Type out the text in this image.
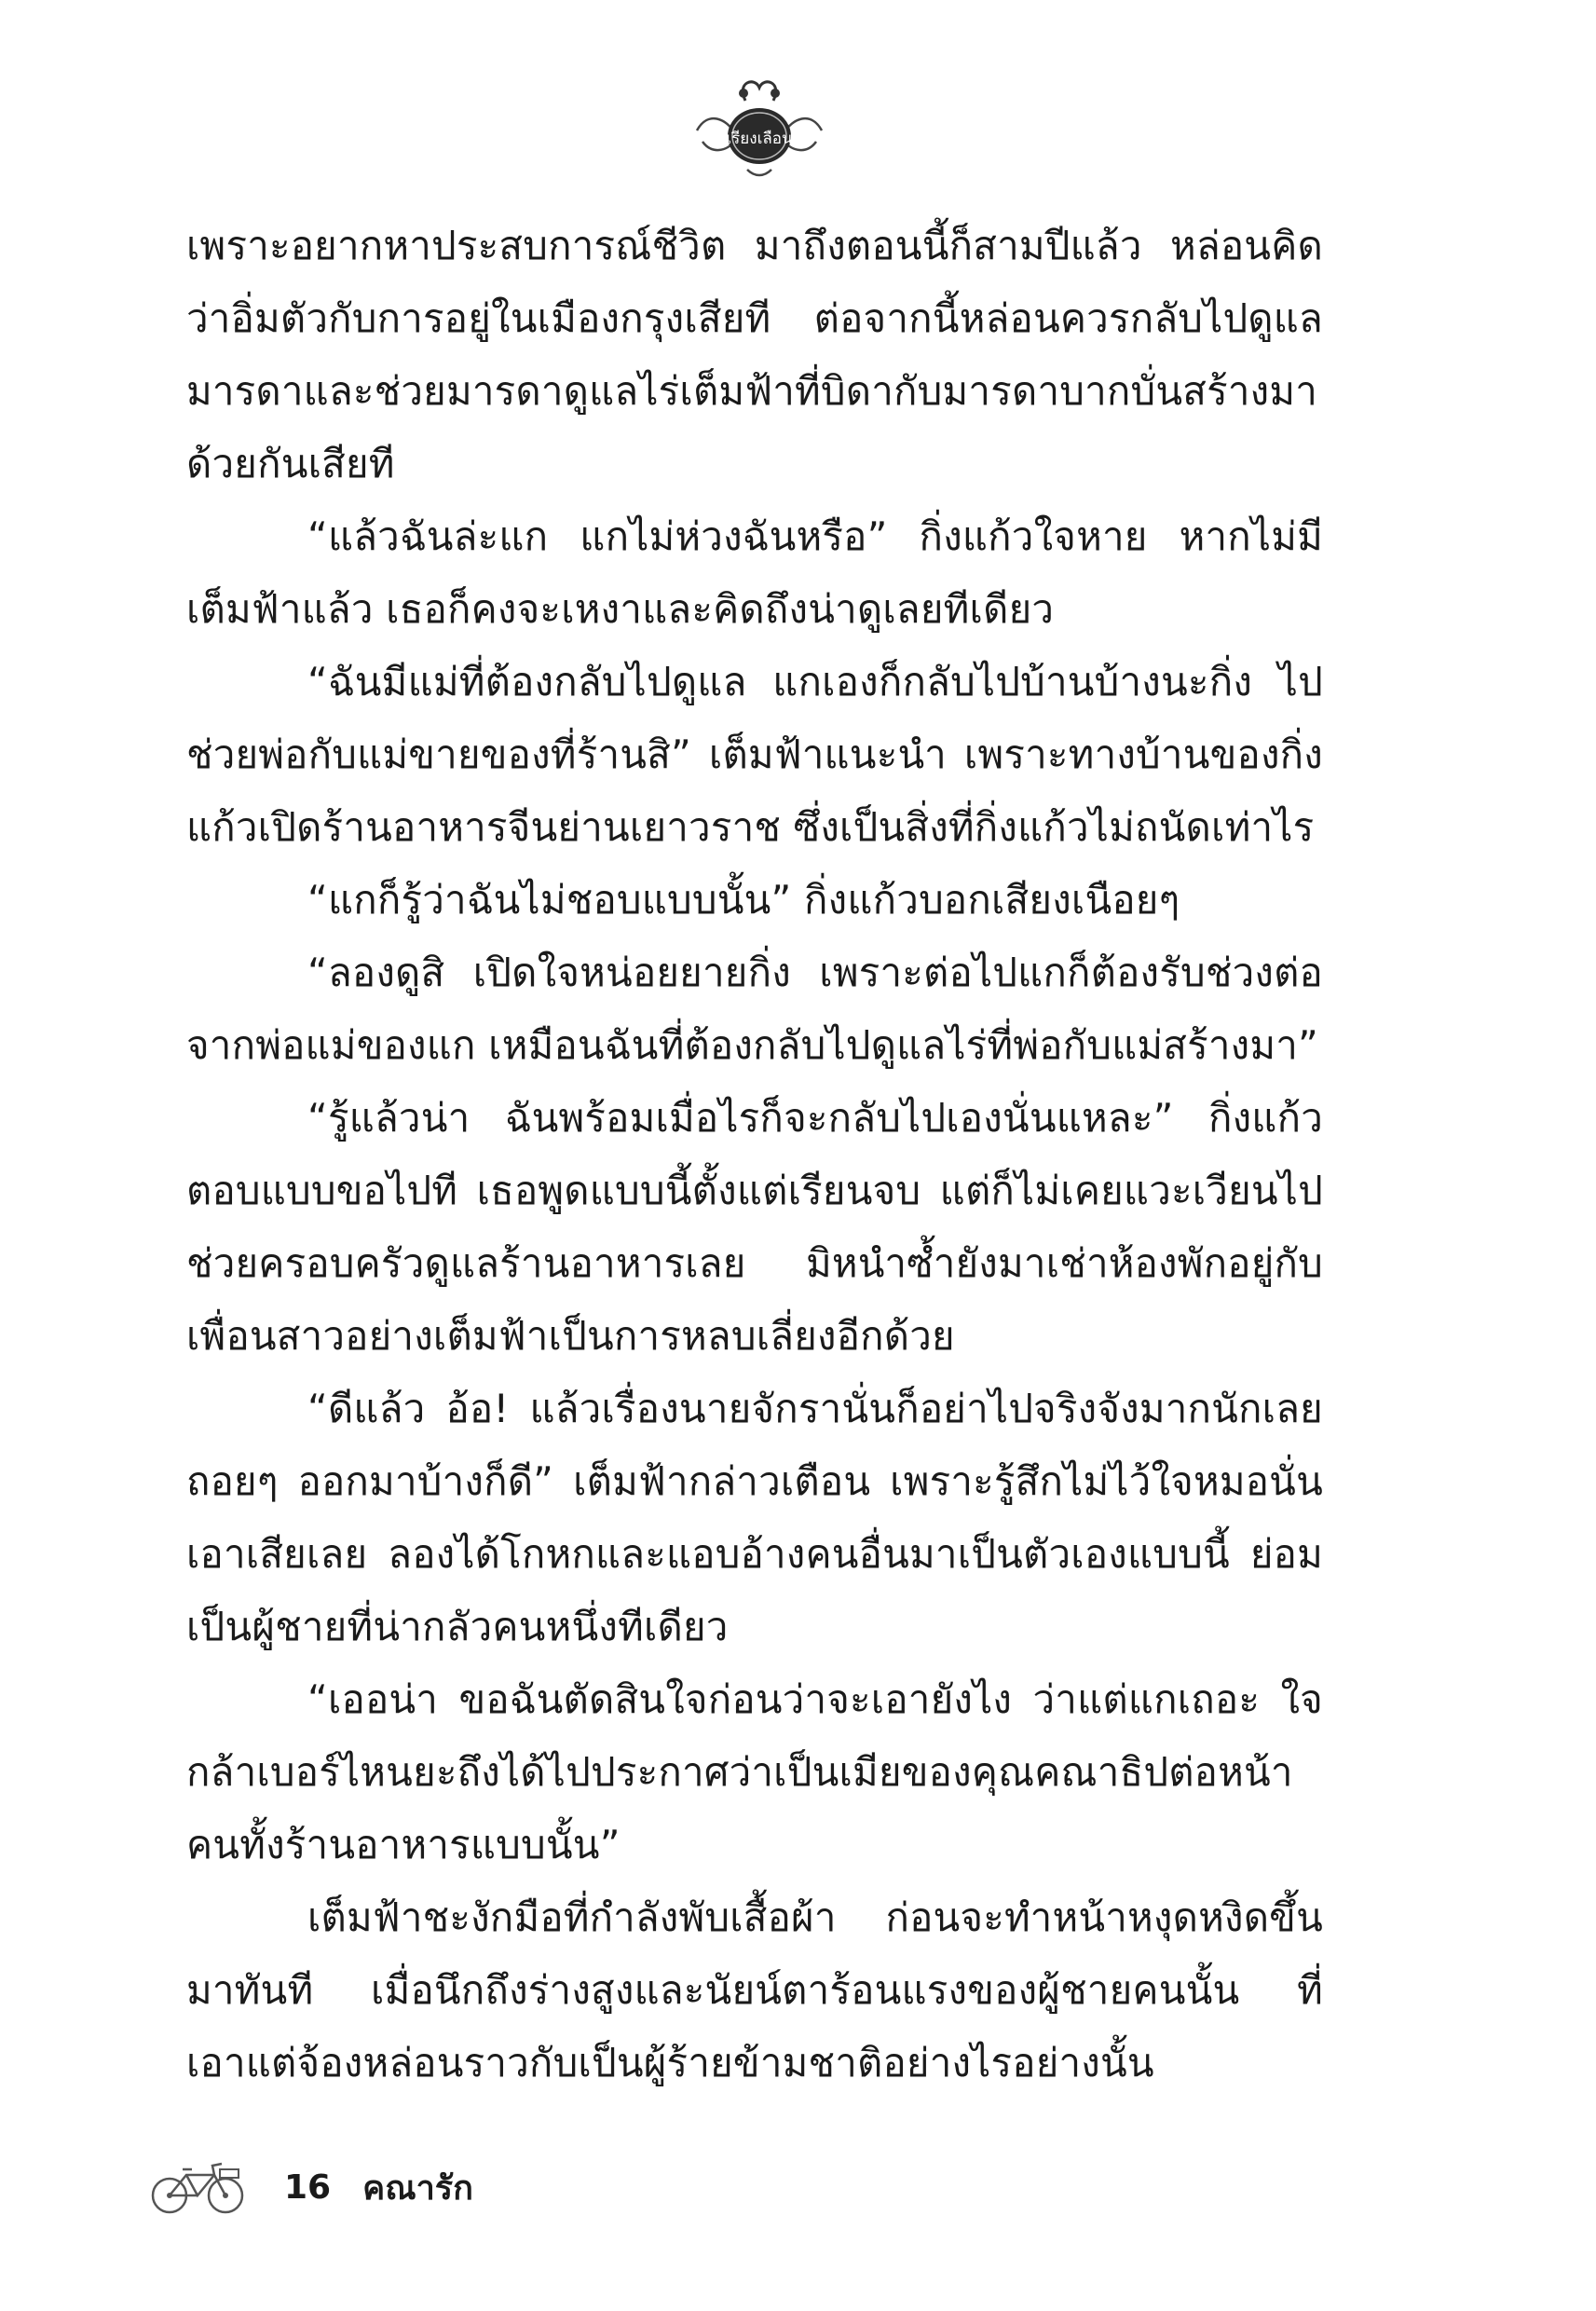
เรียงเลือน

เพราะอยากหาประสบการณ์ชีวิต มาถึงตอนนี้ก็สามปีแล้ว หล่อนคิดว่าอิ่มตัวกับการอยู่ในเมืองกรุงเสียที ต่อจากนี้หล่อนควรกลับไปดูแลมารดาและช่วยมารดาดูแลไร่เต็มฟ้าที่บิดากับมารดาบากบั่นสร้างมาด้วยกันเสียที

“แล้วฉันล่ะแก แกไม่ห่วงฉันหรือ” กิ่งแก้วใจหาย หากไม่มีเต็มฟ้าแล้ว เธอก็คงจะเหงาและคิดถึงน่าดูเลยทีเดียว

“ฉันมีแม่ที่ต้องกลับไปดูแล แกเองก็กลับไปบ้านบ้างนะกิ่ง ไปช่วยพ่อกับแม่ขายของที่ร้านสิ” เต็มฟ้าแนะนำ เพราะทางบ้านของกิ่งแก้วเปิดร้านอาหารจีนย่านเยาวราช ซึ่งเป็นสิ่งที่กิ่งแก้วไม่ถนัดเท่าไร

“แกก็รู้ว่าฉันไม่ชอบแบบนั้น” กิ่งแก้วบอกเสียงเนือยๆ

“ลองดูสิ เปิดใจหน่อยยายกิ่ง เพราะต่อไปแกก็ต้องรับช่วงต่อจากพ่อแม่ของแก เหมือนฉันที่ต้องกลับไปดูแลไร่ที่พ่อกับแม่สร้างมา”

“รู้แล้วน่า ฉันพร้อมเมื่อไรก็จะกลับไปเองนั่นแหละ” กิ่งแก้วตอบแบบขอไปที เธอพูดแบบนี้ตั้งแต่เรียนจบ แต่ก็ไม่เคยแวะเวียนไปช่วยครอบครัวดูแลร้านอาหารเลย มิหนำซ้ำยังมาเช่าห้องพักอยู่กับเพื่อนสาวอย่างเต็มฟ้าเป็นการหลบเลี่ยงอีกด้วย

“ดีแล้ว อ้อ! แล้วเรื่องนายจักรานั่นก็อย่าไปจริงจังมากนักเลย ถอยๆ ออกมาบ้างก็ดี” เต็มฟ้ากล่าวเตือน เพราะรู้สึกไม่ไว้ใจหมอนั่นเอาเสียเลย ลองได้โกหกและแอบอ้างคนอื่นมาเป็นตัวเองแบบนี้ ย่อมเป็นผู้ชายที่น่ากลัวคนหนึ่งทีเดียว

“เออน่า ขอฉันตัดสินใจก่อนว่าจะเอายังไง ว่าแต่แกเถอะ ใจกล้าเบอร์ไหนยะถึงได้ไปประกาศว่าเป็นเมียของคุณคณาธิปต่อหน้าคนทั้งร้านอาหารแบบนั้น”

เต็มฟ้าชะงักมือที่กำลังพับเสื้อผ้า ก่อนจะทำหน้าหงุดหงิดขึ้นมาทันที เมื่อนึกถึงร่างสูงและนัยน์ตาร้อนแรงของผู้ชายคนนั้น ที่เอาแต่จ้องหล่อนราวกับเป็นผู้ร้ายข้ามชาติอย่างไรอย่างนั้น

16 คณารัก
